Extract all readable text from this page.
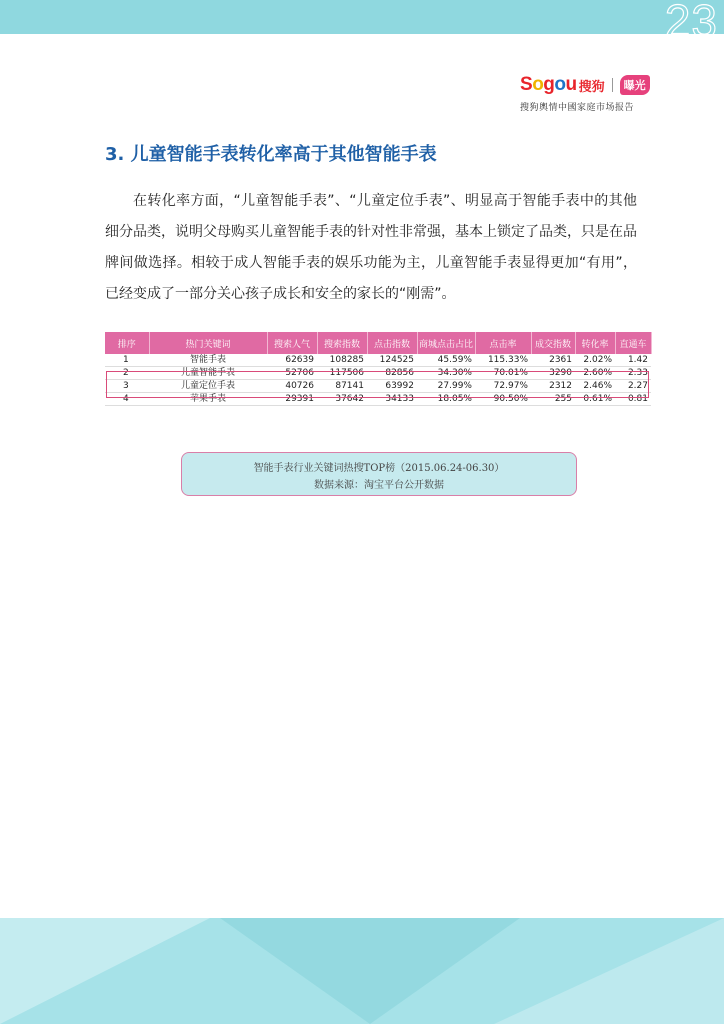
23
Sogou 搜狗	曝光
搜狗輿情中國家庭市场报告
3. 儿童智能手表转化率高于其他智能手表

在转化率方面，“儿童智能手表”、“儿童定位手表”、明显高于智能手表中的其他细分品类，说明父母购买儿童智能手表的针对性非常强，基本上锁定了品类，只是在品牌间做选择。相较于成人智能手表的娱乐功能为主，儿童智能手表显得更加“有用”，已经变成了一部分关心孩子成长和安全的家长的“刚需”。

排序	热门关键词	搜索人气	搜索指数	点击指数	商城点击占比	点击率	成交指数	转化率	直通车
1	智能手表	62639	108285	124525	45.59%	115.33%	2361	2.02%	1.42
2	儿童智能手表	52706	117506	82856	34.30%	70.01%	3290	2.60%	2.33
3	儿童定位手表	40726	87141	63992	27.99%	72.97%	2312	2.46%	2.27
4	苹果手表	29391	37642	34133	18.05%	90.50%	255	0.61%	0.81
智能手表行业关键词热搜TOP榜（2015.06.24-06.30）
数据来源：淘宝平台公开数据
